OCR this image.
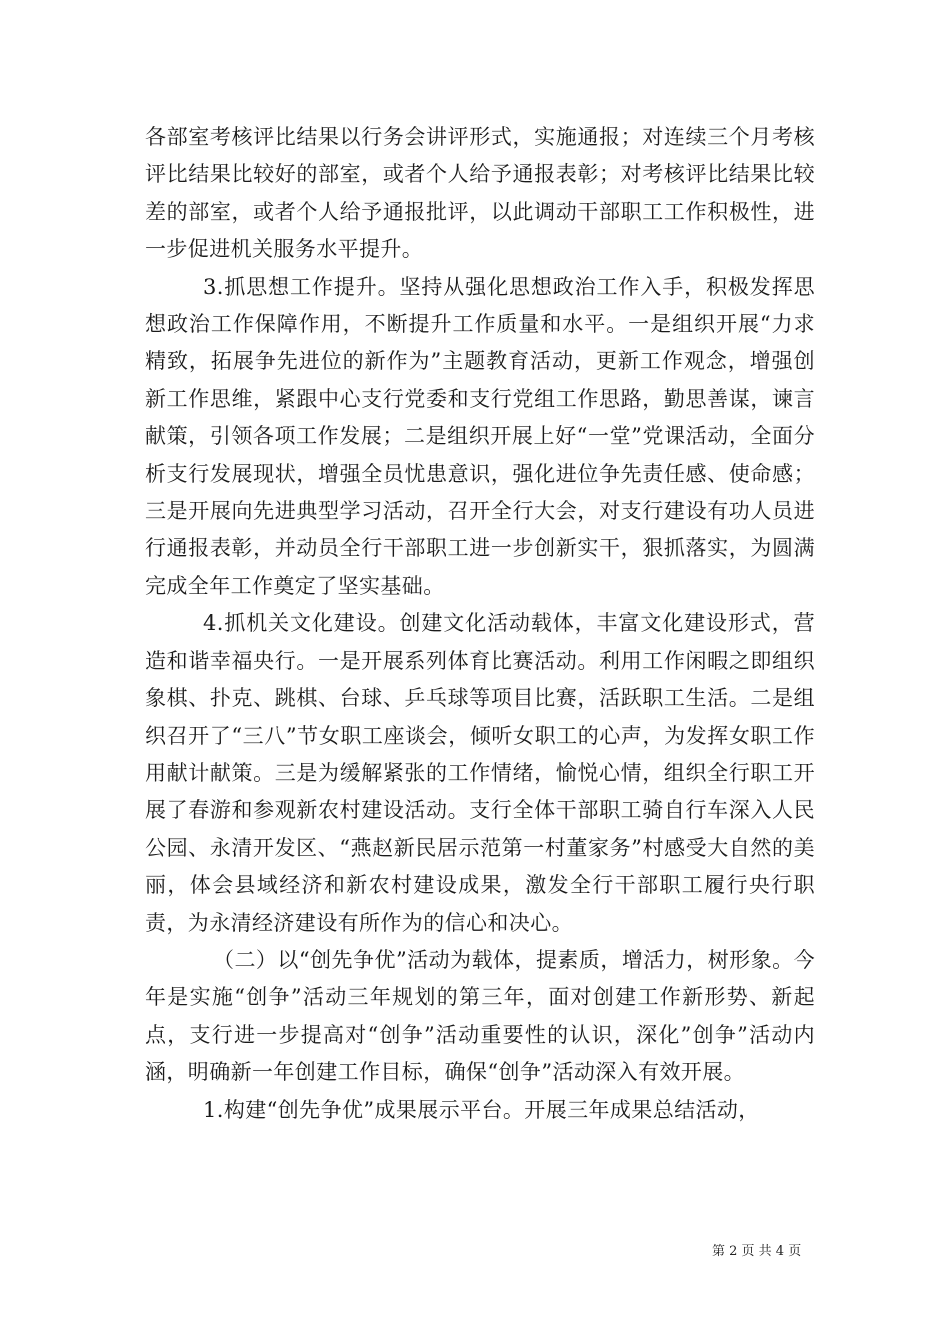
各部室考核评比结果以行务会讲评形式，实施通报；对连续三个月考核评比结果比较好的部室，或者个人给予通报表彰；对考核评比结果比较差的部室，或者个人给予通报批评，以此调动干部职工工作积极性，进一步促进机关服务水平提升。

3.抓思想工作提升。坚持从强化思想政治工作入手，积极发挥思想政治工作保障作用，不断提升工作质量和水平。一是组织开展“力求精致，拓展争先进位的新作为”主题教育活动，更新工作观念，增强创新工作思维，紧跟中心支行党委和支行党组工作思路，勤思善谋，谏言献策，引领各项工作发展；二是组织开展上好“一堂”党课活动，全面分析支行发展现状，增强全员忧患意识，强化进位争先责任感、使命感；三是开展向先进典型学习活动，召开全行大会，对支行建设有功人员进行通报表彰，并动员全行干部职工进一步创新实干，狠抓落实，为圆满完成全年工作奠定了坚实基础。

4.抓机关文化建设。创建文化活动载体，丰富文化建设形式，营造和谐幸福央行。一是开展系列体育比赛活动。利用工作闲暇之即组织象棋、扑克、跳棋、台球、乒乓球等项目比赛，活跃职工生活。二是组织召开了“三八”节女职工座谈会，倾听女职工的心声，为发挥女职工作用献计献策。三是为缓解紧张的工作情绪，愉悦心情，组织全行职工开展了春游和参观新农村建设活动。支行全体干部职工骑自行车深入人民公园、永清开发区、“燕赵新民居示范第一村董家务”村感受大自然的美丽，体会县域经济和新农村建设成果，激发全行干部职工履行央行职责，为永清经济建设有所作为的信心和决心。

（二）以“创先争优”活动为载体，提素质，增活力，树形象。今年是实施“创争”活动三年规划的第三年，面对创建工作新形势、新起点，支行进一步提高对“创争”活动重要性的认识，深化”创争”活动内涵，明确新一年创建工作目标，确保“创争”活动深入有效开展。

1.构建“创先争优”成果展示平台。开展三年成果总结活动，

第 2 页 共 4 页
